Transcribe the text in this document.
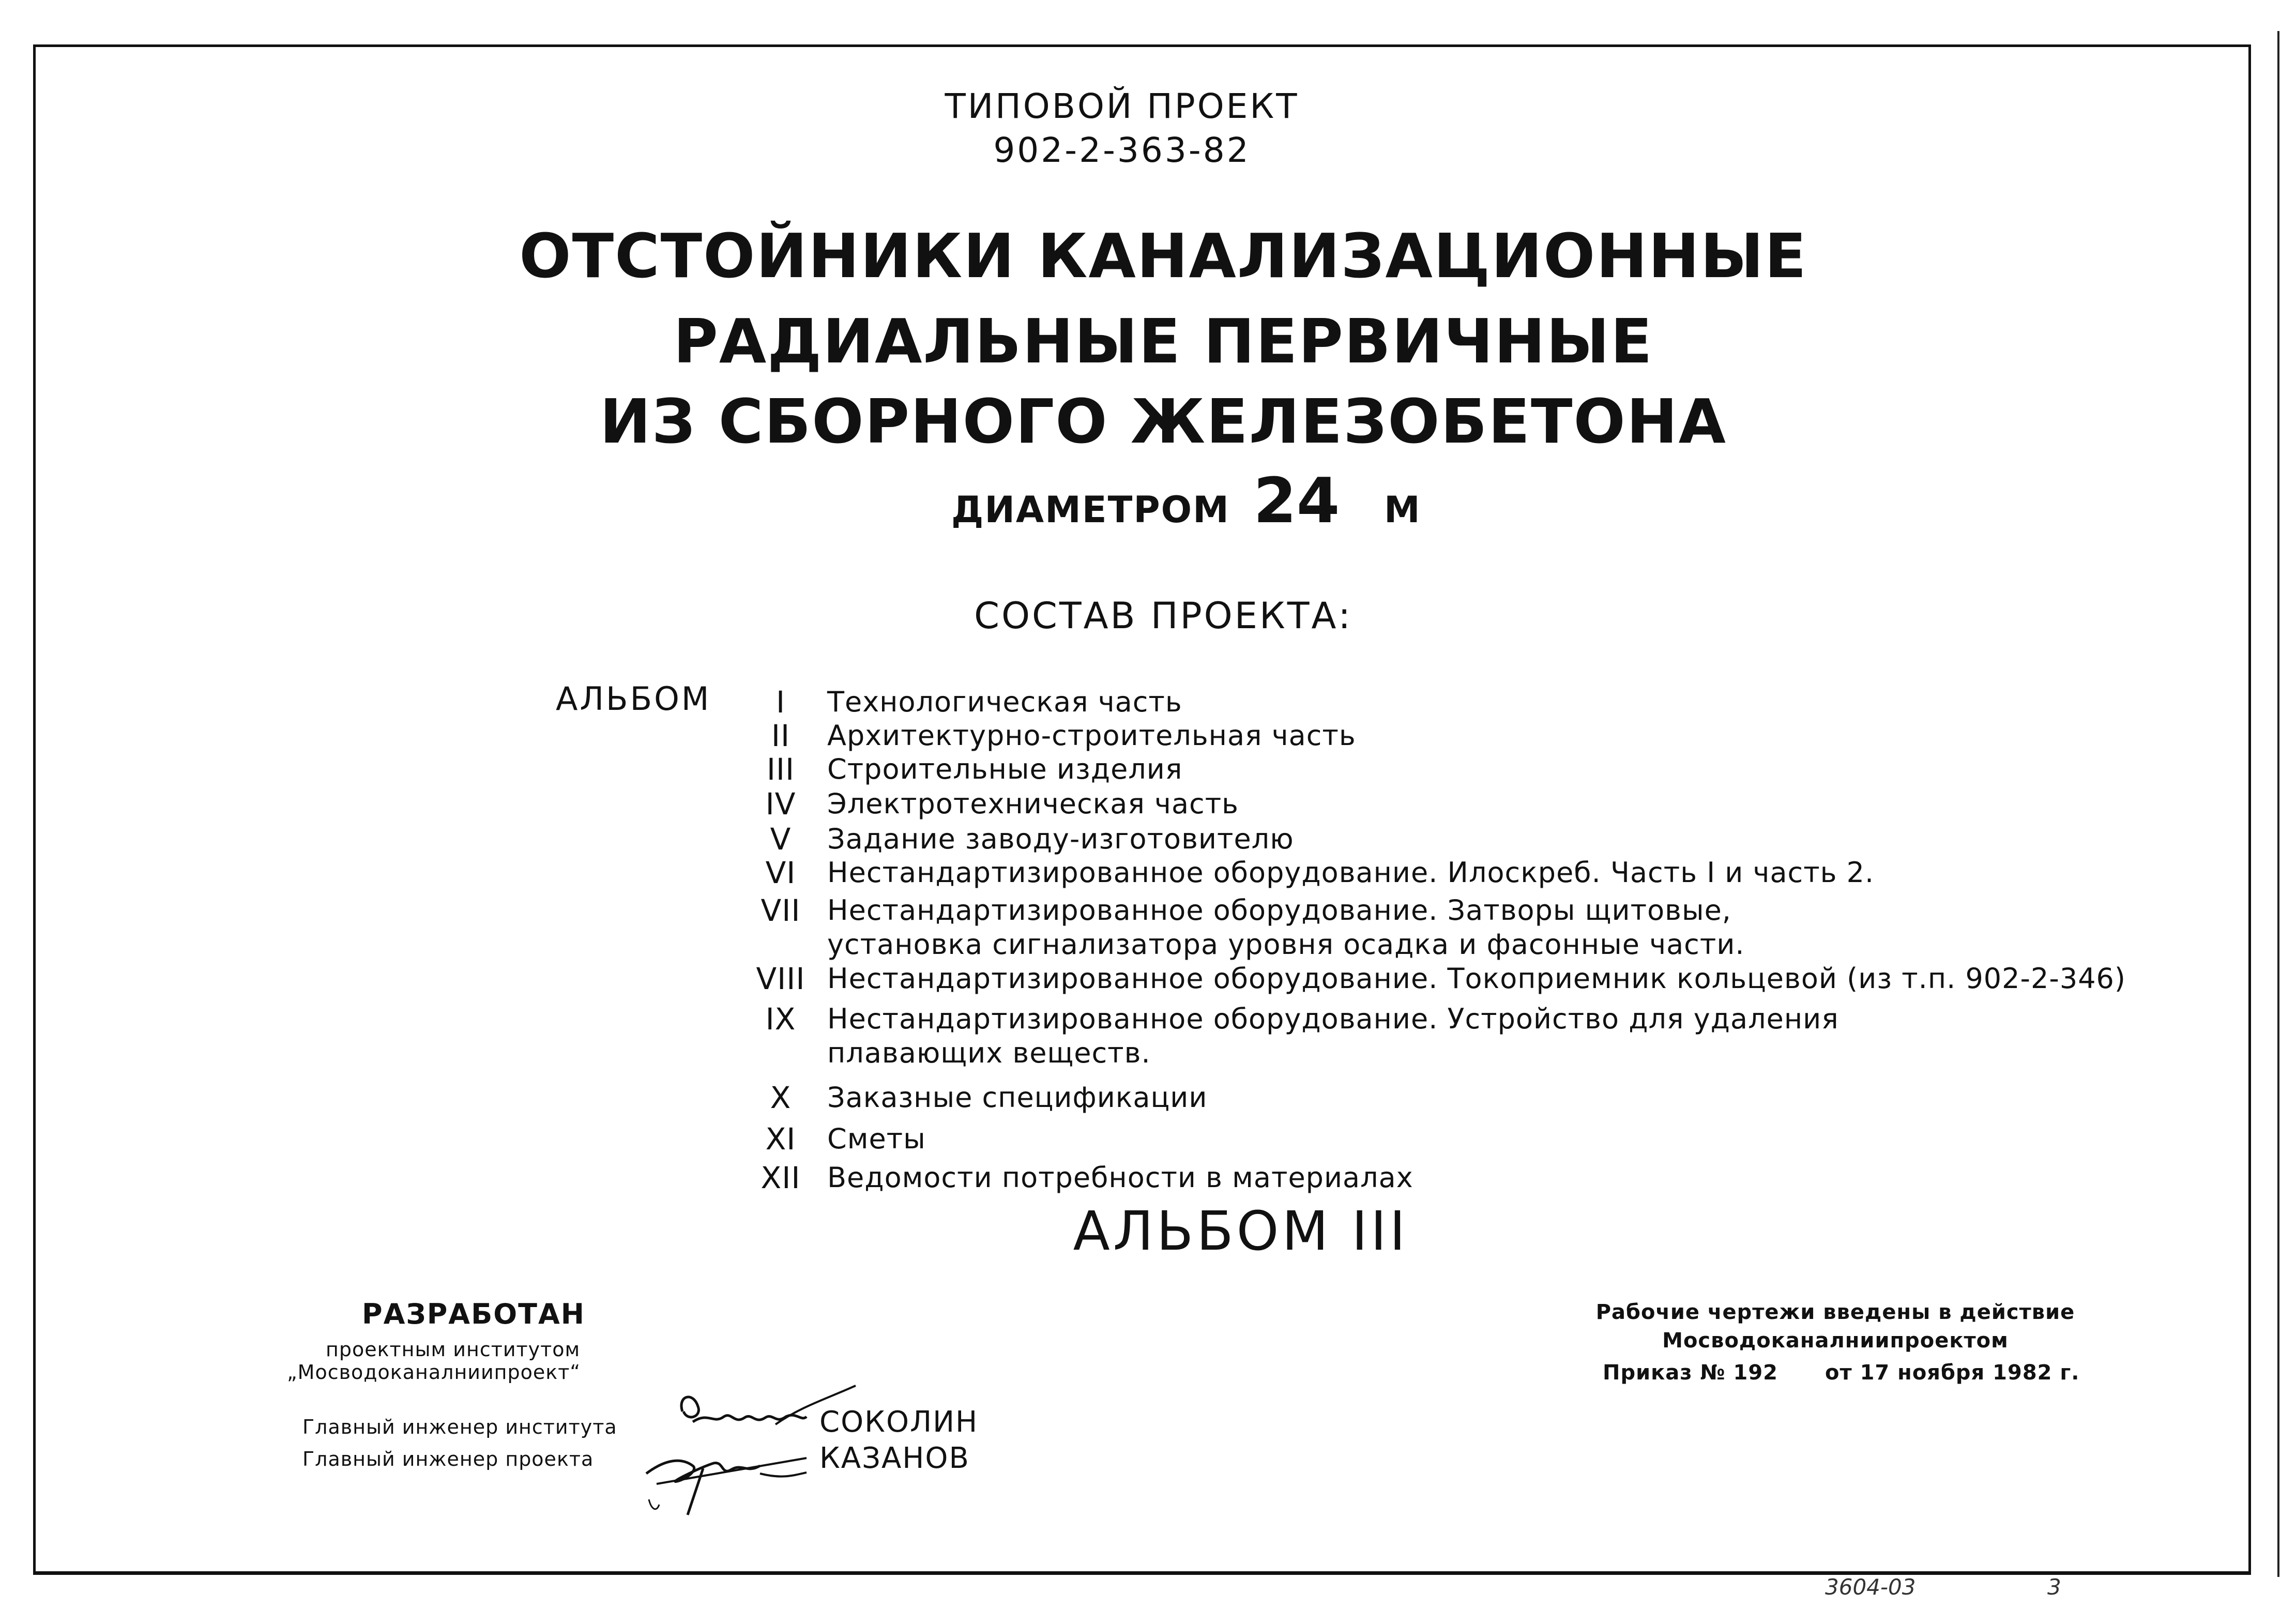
ТИПОВОЙ ПРОЕКТ
902-2-363-82
ОТСТОЙНИКИ КАНАЛИЗАЦИОННЫЕ
РАДИАЛЬНЫЕ ПЕРВИЧНЫЕ
ИЗ СБОРНОГО ЖЕЛЕЗОБЕТОНА
ДИАМЕТРОМ 24 М
СОСТАВ ПРОЕКТА:
АЛЬБОМ	I Технологическая часть
II Архитектурно-строительная часть
III Строительные изделия
IV Электротехническая часть
V Задание заводу-изготовителю
VI Нестандартизированное оборудование. Илоскреб. Часть I и часть 2.
VII Нестандартизированное оборудование. Затворы щитовые,
установка сигнализатора уровня осадка и фасонные части.
VIII Нестандартизированное оборудование. Токоприемник кольцевой (из т.п. 902-2-346)
IX Нестандартизированное оборудование. Устройство для удаления
плавающих веществ.
X Заказные спецификации
XI Сметы
XII Ведомости потребности в материалах
АЛЬБОМ III
РАЗРАБОТАН
проектным институтом
„Мосводоканалниипроект“
Главный инженер института
Главный инженер проекта
СОКОЛИН
КАЗАНОВ
Рабочие чертежи введены в действие
Мосводоканалниипроектом
Приказ № 192 от 17 ноября 1982 г.
3604-03	3
